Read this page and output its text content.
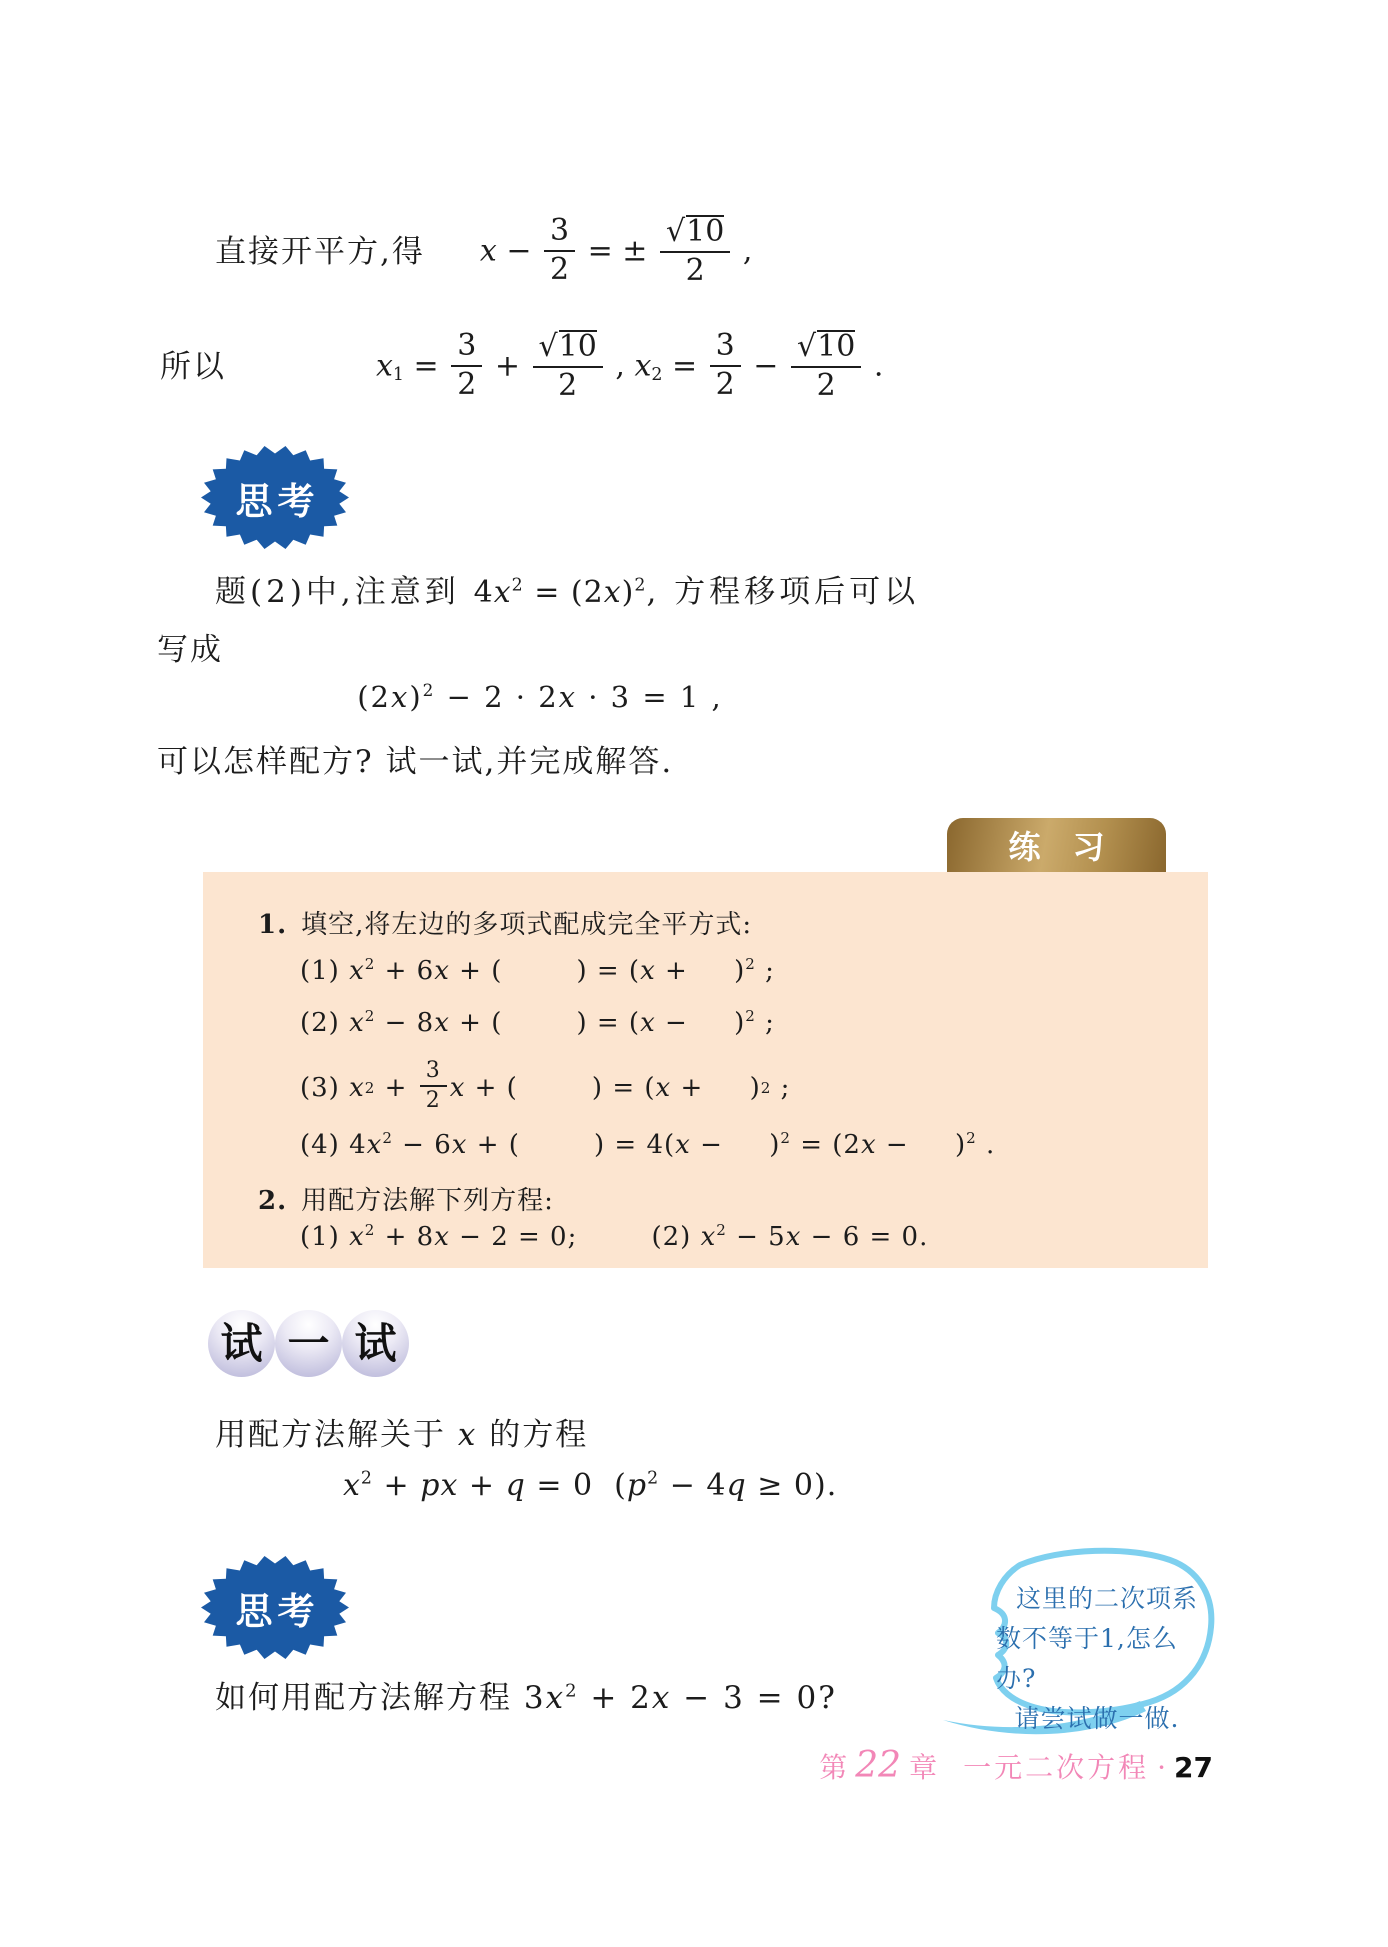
直接开平方,得 $x - \frac{3}{2}$ = ± $\frac{√ 10}{2}$ ,
所以	$x1 = \frac{3}{2} + \frac{√ 10}{2}$ , $x2 = \frac{3}{2} - \frac{√ 10}{2}$ .
思考
题(2)中,注意到 $4x^2 = (2x)^2$, 方程移项后可以
写成
$(2x)^2 - 2 \cdot 2x \cdot 3 = 1$ ,
可以怎样配方? 试一试,并完成解答.
练　习
1. 填空,将左边的多项式配成完全平方式:
(1) $x^2 + 6x$ + (        ) = (x +     )$^2$ ;
(2) $x^2 - 8x$ + (        ) = (x −     )$^2$ ;
(3) x $2 + \frac{3}{2}$ x + (        ) = ( x +     ) 2 ;
(4) $4x^2 - 6x$ + (        ) = 4(x −     )$^2$ = (2x −     )$^2$ .
2. 用配方法解下列方程:
(1) $x^2 + 8x - 2 = 0$;        (2) $x^2 - 5x - 6 = 0$.
试 一 试
用配方法解关于 x 的方程
$x^2$ + px + q = 0  $(p^2 - 4q \ge 0)$.
思考	这里的二次项系
数不等于1,怎么办?
请尝试做一做.
如何用配方法解方程 $3x^2 + 2x - 3 = 0$?
第 22 章 一元二次方程 · 27
